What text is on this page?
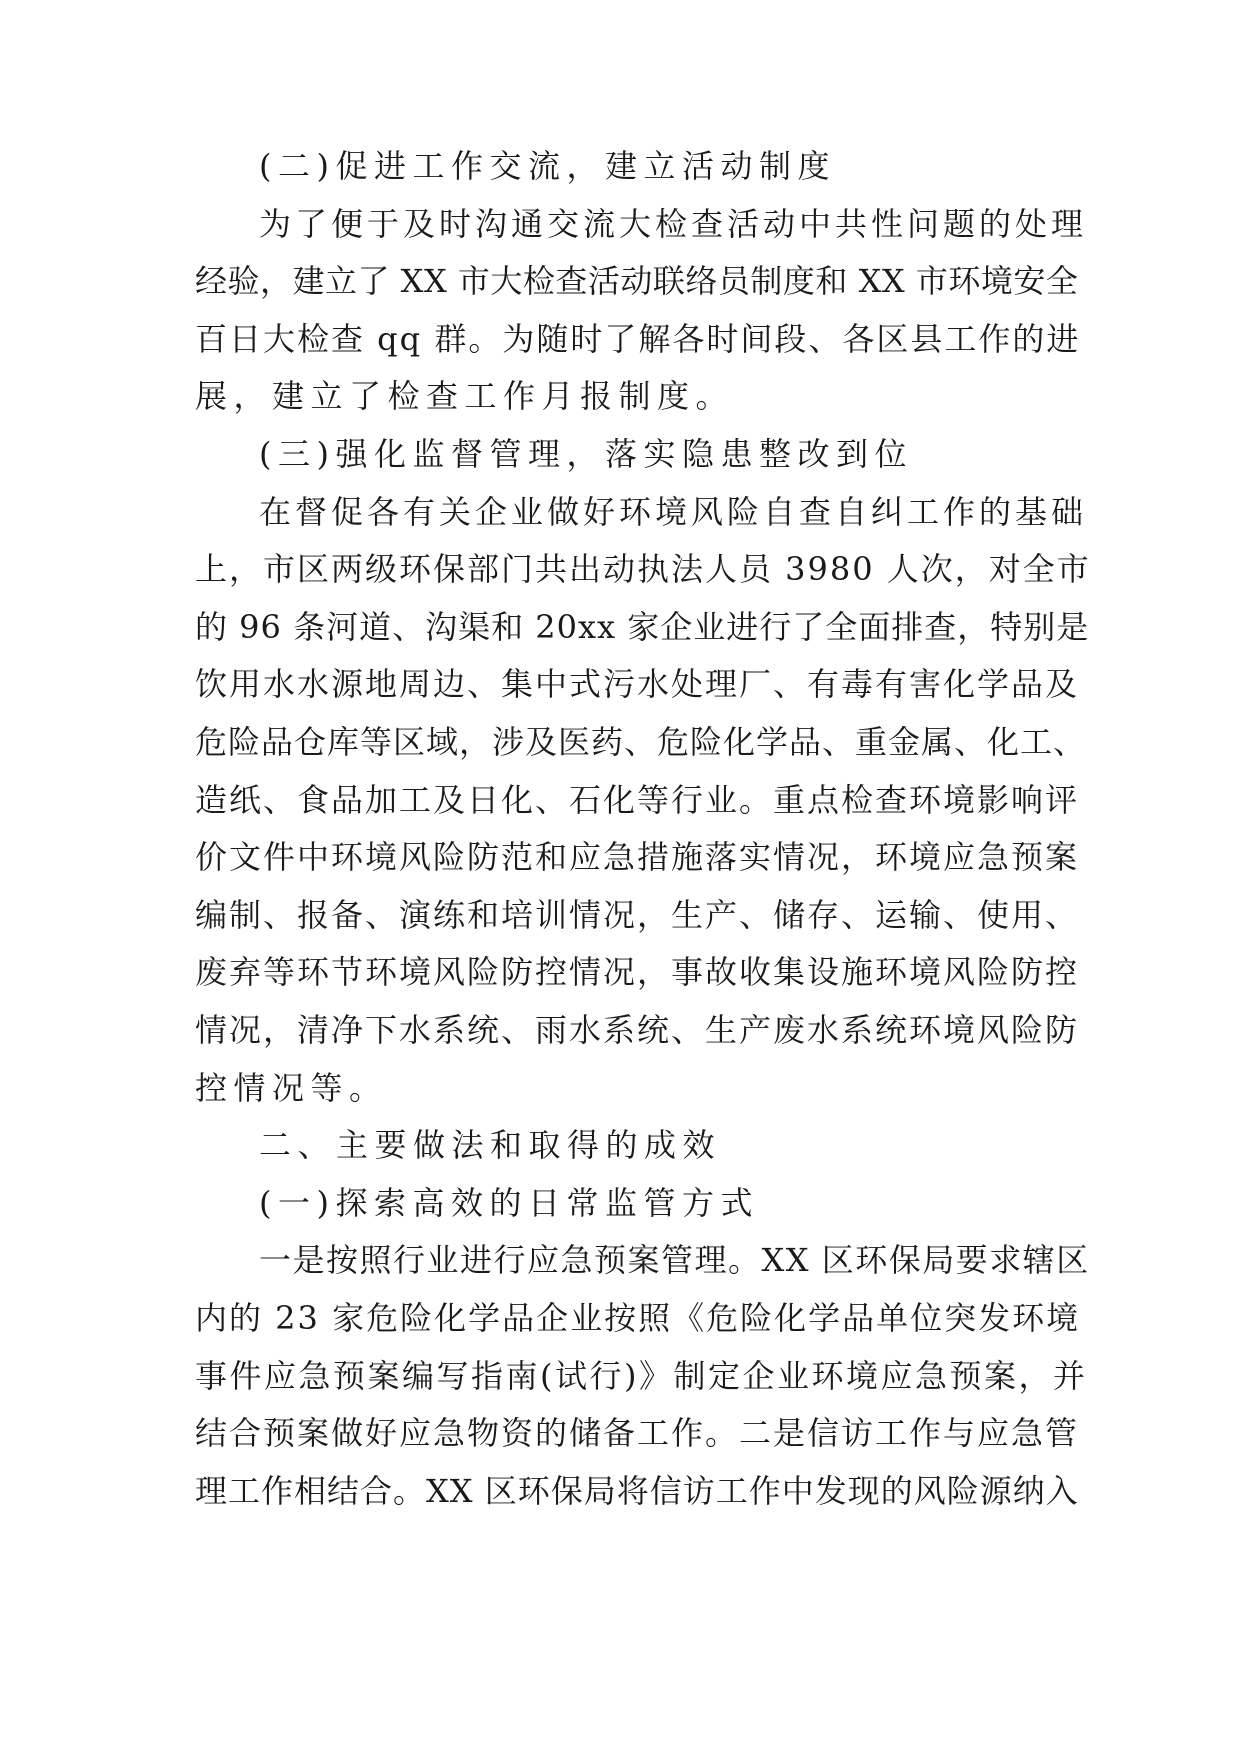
(二)促进工作交流，建立活动制度
为了便于及时沟通交流大检查活动中共性问题的处理
经验，建立了 XX 市大检查活动联络员制度和 XX 市环境安全
百日大检查 qq 群。为随时了解各时间段、各区县工作的进
展，建立了检查工作月报制度。
(三)强化监督管理，落实隐患整改到位
在督促各有关企业做好环境风险自查自纠工作的基础
上，市区两级环保部门共出动执法人员 3980 人次，对全市
的 96 条河道、沟渠和 20xx 家企业进行了全面排查，特别是
饮用水水源地周边、集中式污水处理厂、有毒有害化学品及
危险品仓库等区域，涉及医药、危险化学品、重金属、化工、
造纸、食品加工及日化、石化等行业。重点检查环境影响评
价文件中环境风险防范和应急措施落实情况，环境应急预案
编制、报备、演练和培训情况，生产、储存、运输、使用、
废弃等环节环境风险防控情况，事故收集设施环境风险防控
情况，清净下水系统、雨水系统、生产废水系统环境风险防
控情况等。
二、主要做法和取得的成效
(一)探索高效的日常监管方式
一是按照行业进行应急预案管理。XX 区环保局要求辖区
内的 23 家危险化学品企业按照《危险化学品单位突发环境
事件应急预案编写指南(试行)》制定企业环境应急预案，并
结合预案做好应急物资的储备工作。二是信访工作与应急管
理工作相结合。XX 区环保局将信访工作中发现的风险源纳入
